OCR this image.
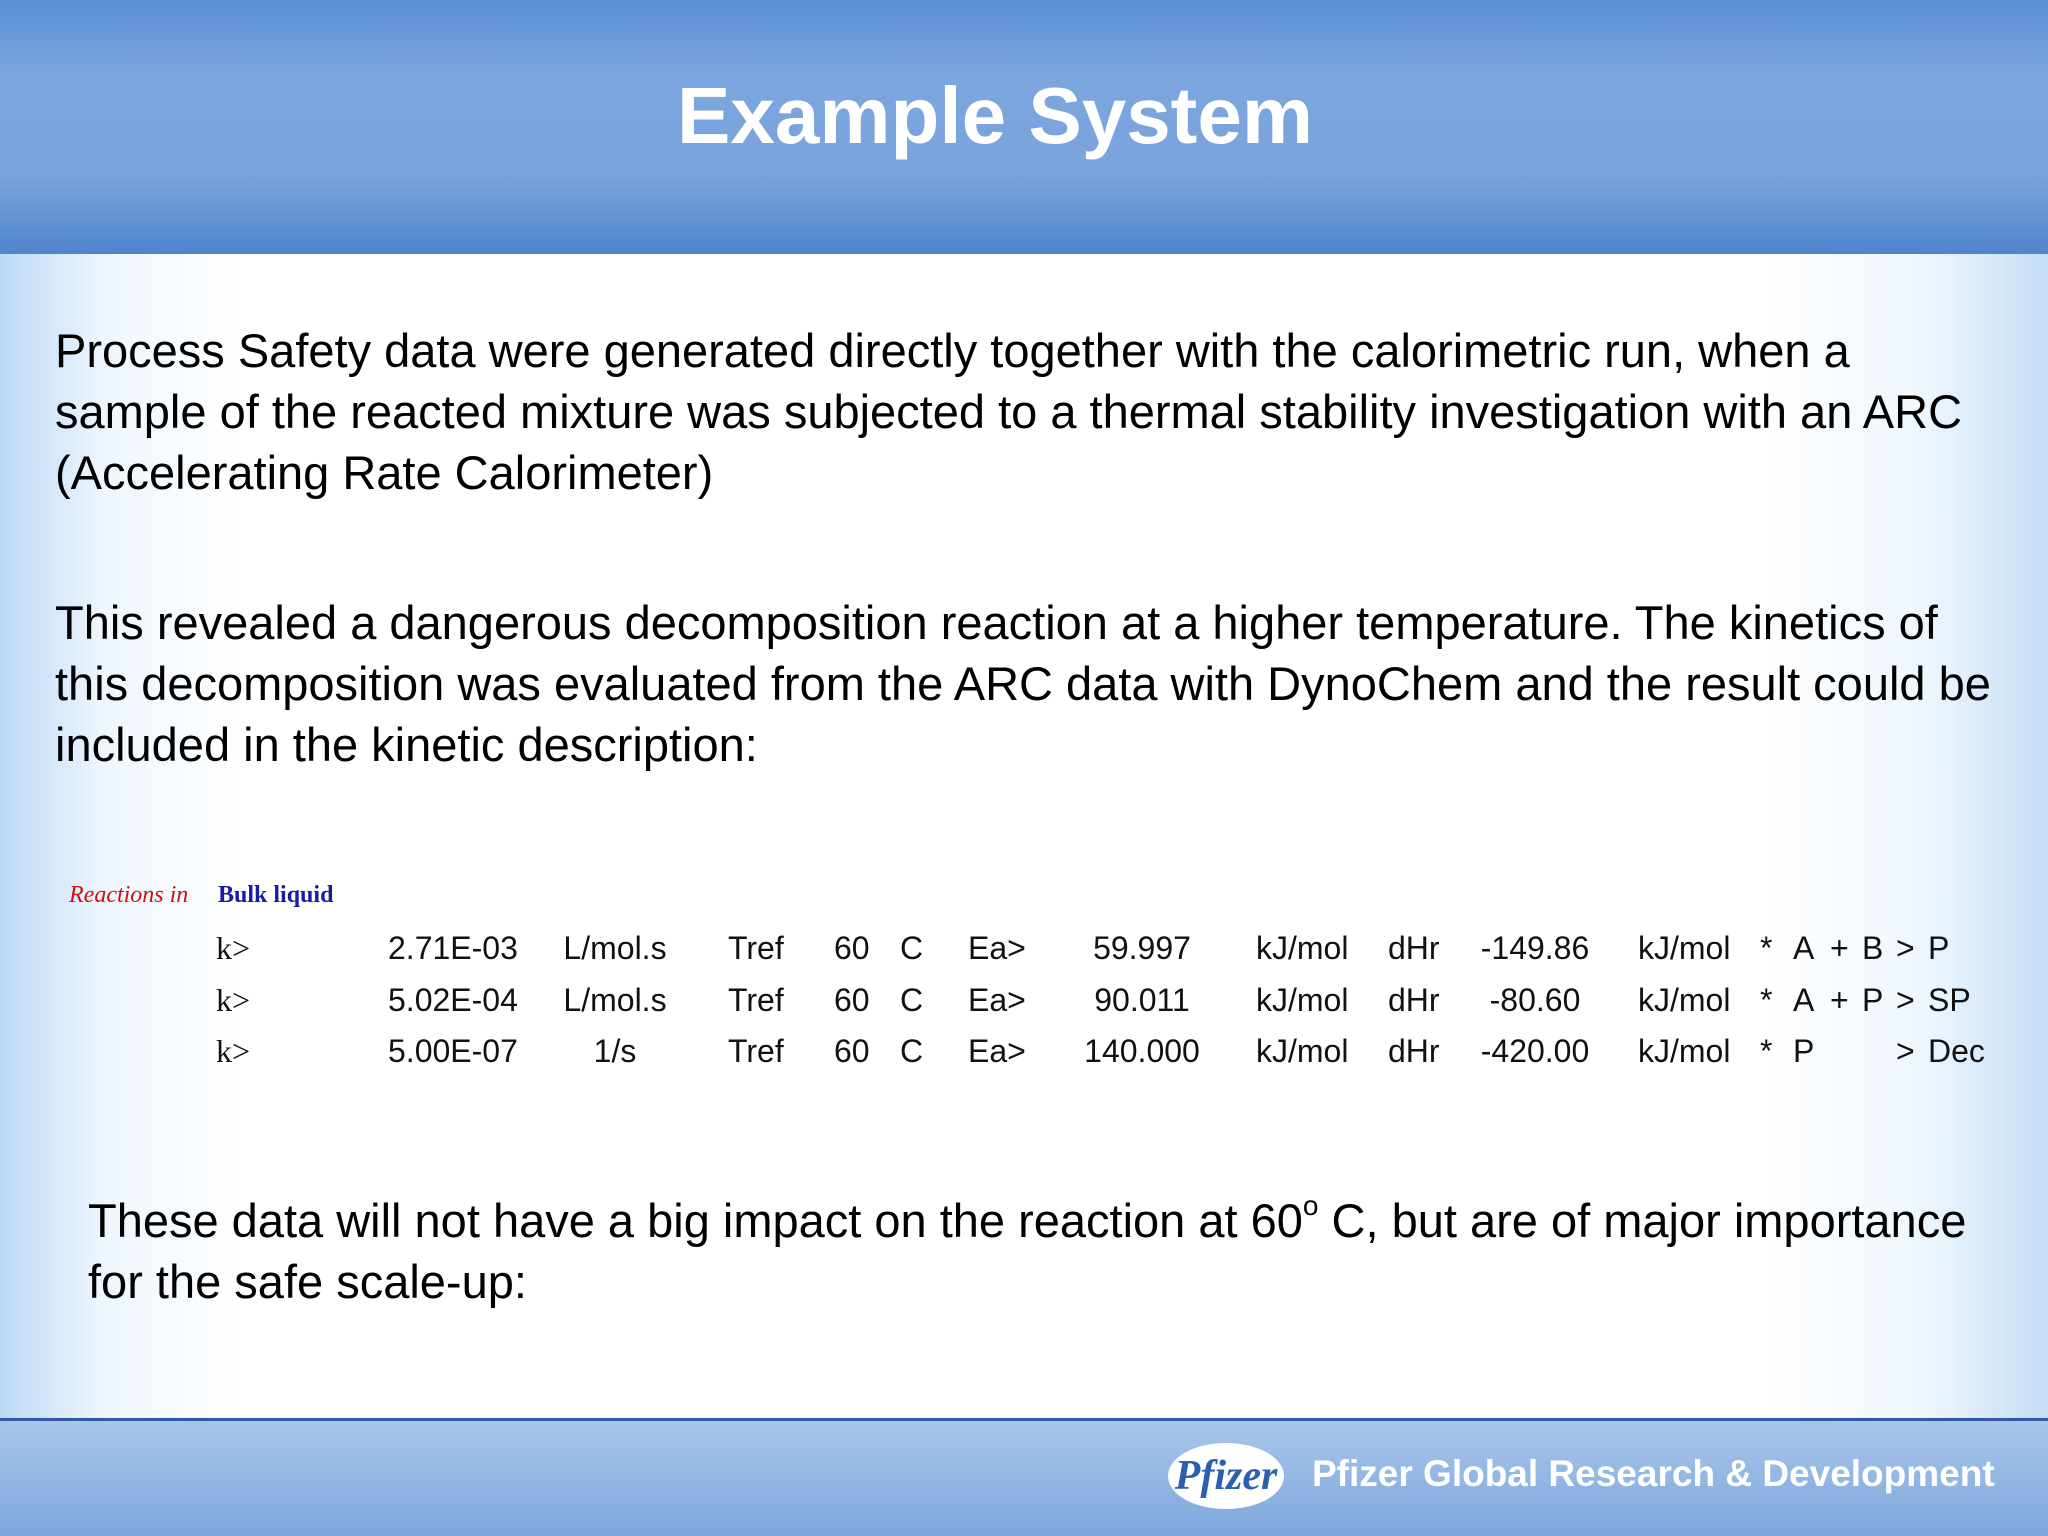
Example System
Process Safety data were generated directly together with the calorimetric run, when a sample of the reacted mixture was subjected to a thermal stability investigation with an ARC (Accelerating Rate Calorimeter)
This revealed a dangerous decomposition reaction at a higher temperature. The kinetics of this decomposition was evaluated from the ARC data with DynoChem and the result could be included in the kinetic description:
Reactions in Bulk liquid
k>	2.71E-03 L/mol.s Tref 60 C Ea>	59.997	kJ/mol dHr	-149.86	kJ/mol * A + B > P
k>	5.02E-04 L/mol.s Tref 60 C Ea>	90.011	kJ/mol dHr	-80.60	kJ/mol * A + P > SP
k>	5.00E-07	1/s	Tref 60 C Ea>	140.000	kJ/mol dHr	-420.00	kJ/mol * P	> Dec
These data will not have a big impact on the reaction at 60$^o$ C, but are of major importance for the safe scale-up:
Pfizer Pfizer Global Research & Development
